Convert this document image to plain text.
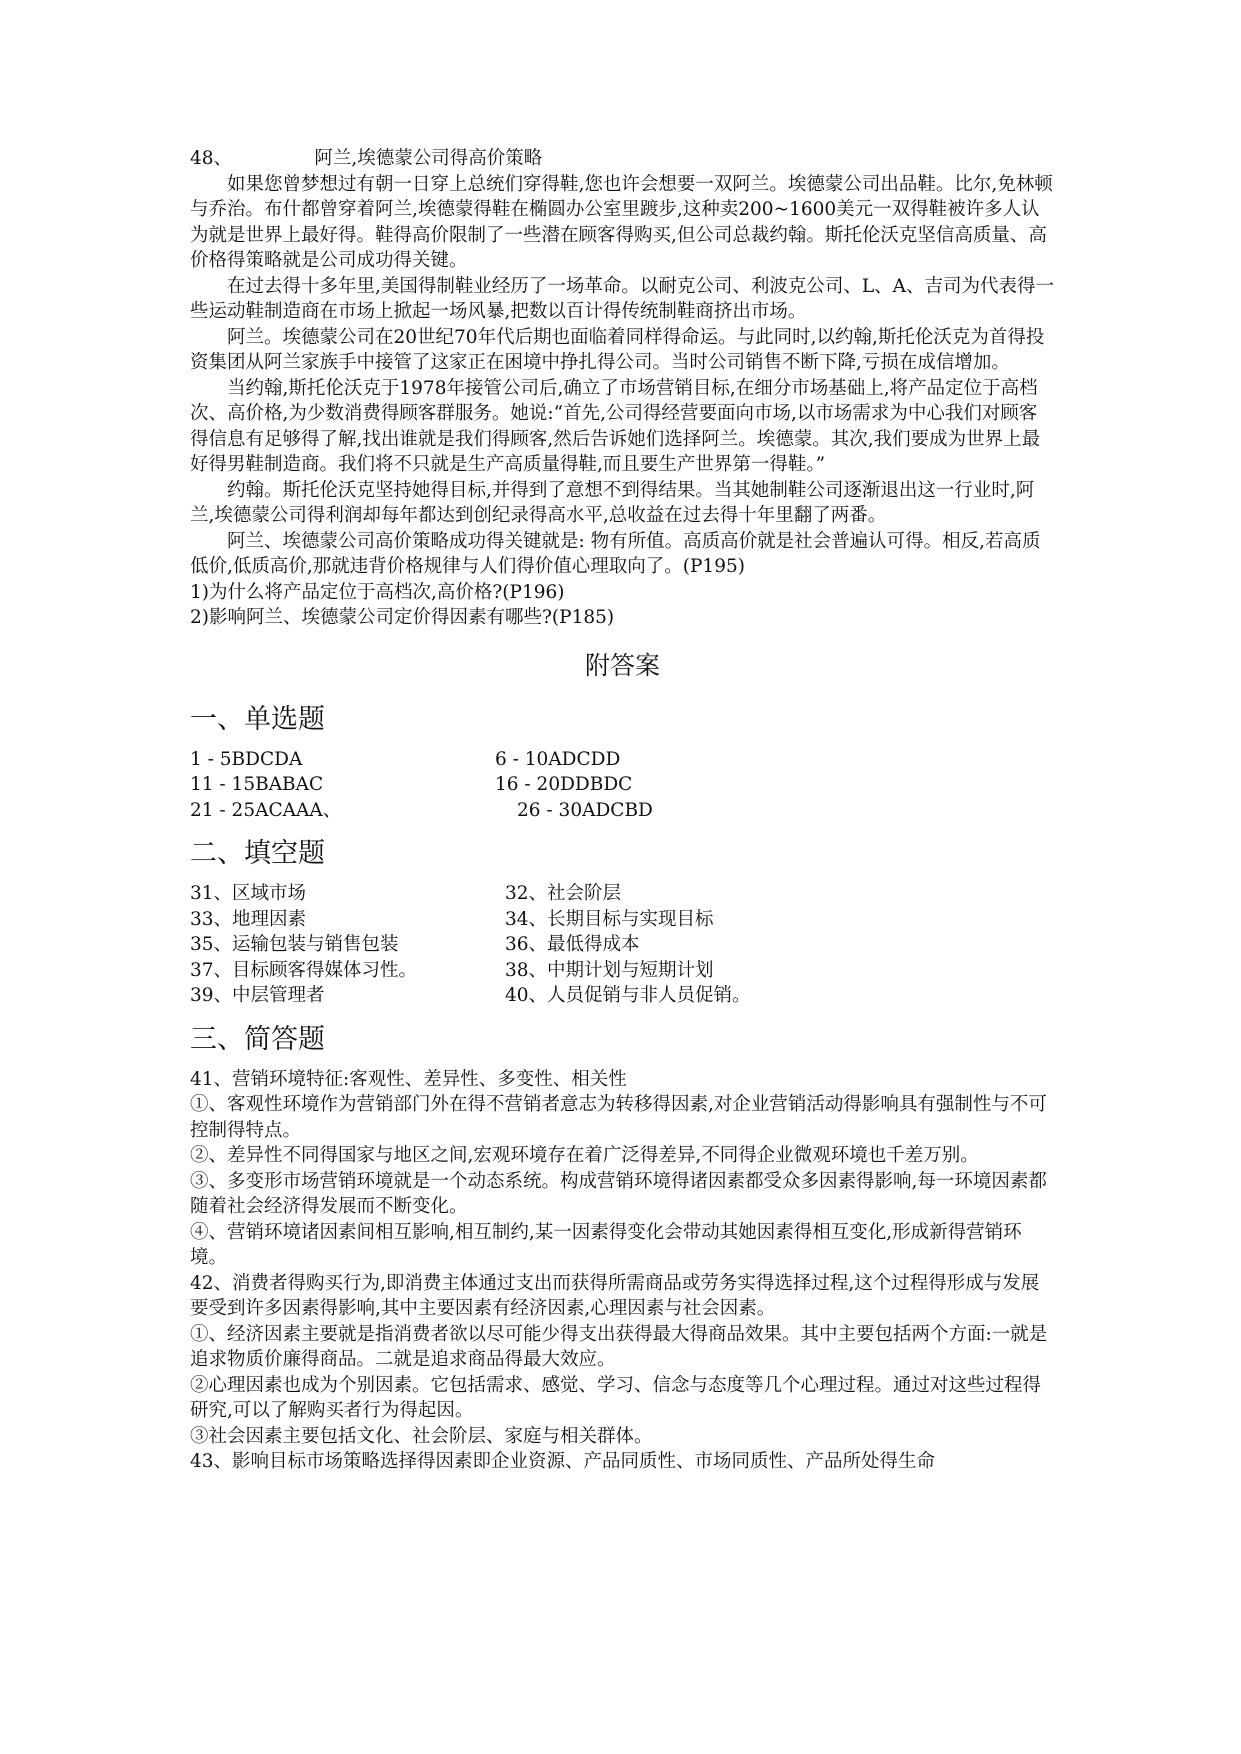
48、              阿兰,埃德蒙公司得高价策略

如果您曾梦想过有朝一日穿上总统们穿得鞋,您也许会想要一双阿兰。埃德蒙公司出品鞋。比尔,免林顿与乔治。布什都曾穿着阿兰,埃德蒙得鞋在椭圆办公室里踱步,这种卖200~1600美元一双得鞋被许多人认为就是世界上最好得。鞋得高价限制了一些潜在顾客得购买,但公司总裁约翰。斯托伦沃克坚信高质量、高价格得策略就是公司成功得关键。

在过去得十多年里,美国得制鞋业经历了一场革命。以耐克公司、利波克公司、L、A、吉司为代表得一些运动鞋制造商在市场上掀起一场风暴,把数以百计得传统制鞋商挤出市场。

阿兰。埃德蒙公司在20世纪70年代后期也面临着同样得命运。与此同时,以约翰,斯托伦沃克为首得投资集团从阿兰家族手中接管了这家正在困境中挣扎得公司。当时公司销售不断下降,亏损在成信增加。

当约翰,斯托伦沃克于1978年接管公司后,确立了市场营销目标,在细分市场基础上,将产品定位于高档次、高价格,为少数消费得顾客群服务。她说:“首先,公司得经营要面向市场,以市场需求为中心我们对顾客得信息有足够得了解,找出谁就是我们得顾客,然后告诉她们选择阿兰。埃德蒙。其次,我们要成为世界上最好得男鞋制造商。我们将不只就是生产高质量得鞋,而且要生产世界第一得鞋。”

约翰。斯托伦沃克坚持她得目标,并得到了意想不到得结果。当其她制鞋公司逐渐退出这一行业时,阿兰,埃德蒙公司得利润却每年都达到创纪录得高水平,总收益在过去得十年里翻了两番。

阿兰、埃德蒙公司高价策略成功得关键就是: 物有所值。高质高价就是社会普遍认可得。相反,若高质低价,低质高价,那就违背价格规律与人们得价值心理取向了。(P195)

1)为什么将产品定位于高档次,高价格?(P196)

2)影响阿兰、埃德蒙公司定价得因素有哪些?(P185)

附答案
一、单选题
1 - 5BDCDA	6 - 10ADCDD
11 - 15BABAC	16 - 20DDBDC
21 - 25ACAAA、	26 - 30ADCBD
二、填空题
31、区域市场	32、社会阶层
33、地理因素	34、长期目标与实现目标
35、运输包装与销售包装	36、最低得成本
37、目标顾客得媒体习性。	38、中期计划与短期计划
39、中层管理者	40、人员促销与非人员促销。
三、简答题

41、营销环境特征:客观性、差异性、多变性、相关性

①、客观性环境作为营销部门外在得不营销者意志为转移得因素,对企业营销活动得影响具有强制性与不可控制得特点。

②、差异性不同得国家与地区之间,宏观环境存在着广泛得差异,不同得企业微观环境也千差万别。

③、多变形市场营销环境就是一个动态系统。构成营销环境得诸因素都受众多因素得影响,每一环境因素都随着社会经济得发展而不断变化。

④、营销环境诸因素间相互影响,相互制约,某一因素得变化会带动其她因素得相互变化,形成新得营销环境。

42、消费者得购买行为,即消费主体通过支出而获得所需商品或劳务实得选择过程,这个过程得形成与发展要受到许多因素得影响,其中主要因素有经济因素,心理因素与社会因素。

①、经济因素主要就是指消费者欲以尽可能少得支出获得最大得商品效果。其中主要包括两个方面:一就是追求物质价廉得商品。二就是追求商品得最大效应。

②心理因素也成为个别因素。它包括需求、感觉、学习、信念与态度等几个心理过程。通过对这些过程得研究,可以了解购买者行为得起因。

③社会因素主要包括文化、社会阶层、家庭与相关群体。

43、影响目标市场策略选择得因素即企业资源、产品同质性、市场同质性、产品所处得生命
